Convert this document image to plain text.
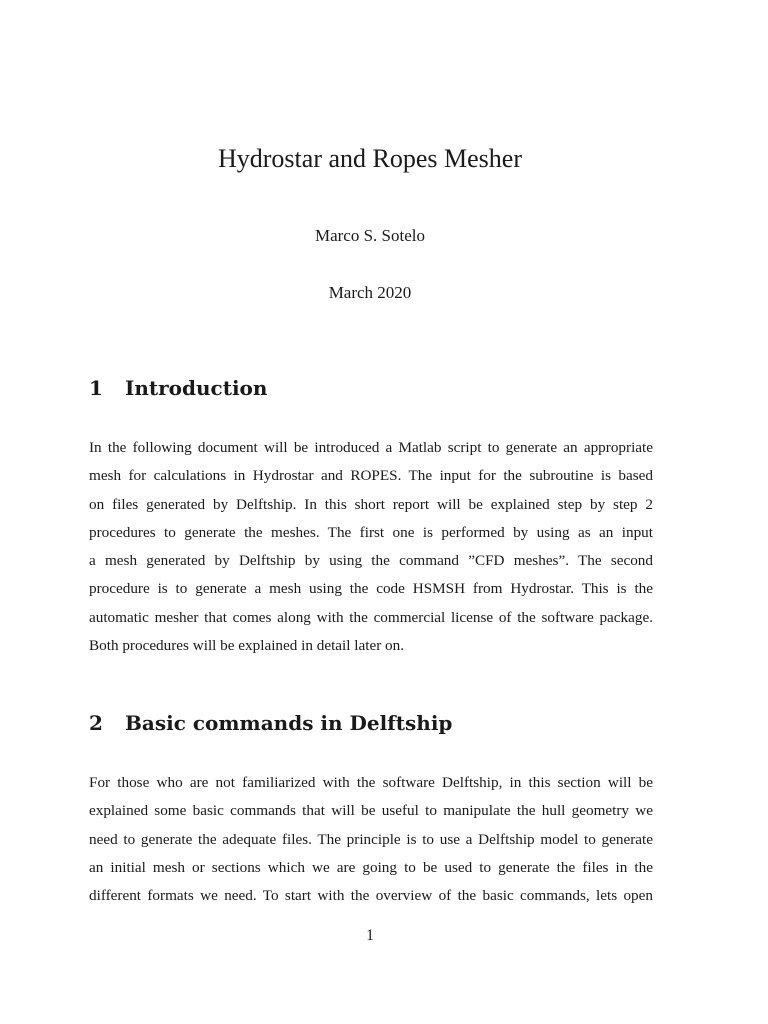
Hydrostar and Ropes Mesher
Marco S. Sotelo
March 2020
1 Introduction
In the following document will be introduced a Matlab script to generate an appropriate
mesh for calculations in Hydrostar and ROPES. The input for the subroutine is based
on files generated by Delftship. In this short report will be explained step by step 2
procedures to generate the meshes. The first one is performed by using as an input
a mesh generated by Delftship by using the command ”CFD meshes”. The second
procedure is to generate a mesh using the code HSMSH from Hydrostar. This is the
automatic mesher that comes along with the commercial license of the software package.
Both procedures will be explained in detail later on.
2 Basic commands in Delftship
For those who are not familiarized with the software Delftship, in this section will be
explained some basic commands that will be useful to manipulate the hull geometry we
need to generate the adequate files. The principle is to use a Delftship model to generate
an initial mesh or sections which we are going to be used to generate the files in the
different formats we need. To start with the overview of the basic commands, lets open
1
